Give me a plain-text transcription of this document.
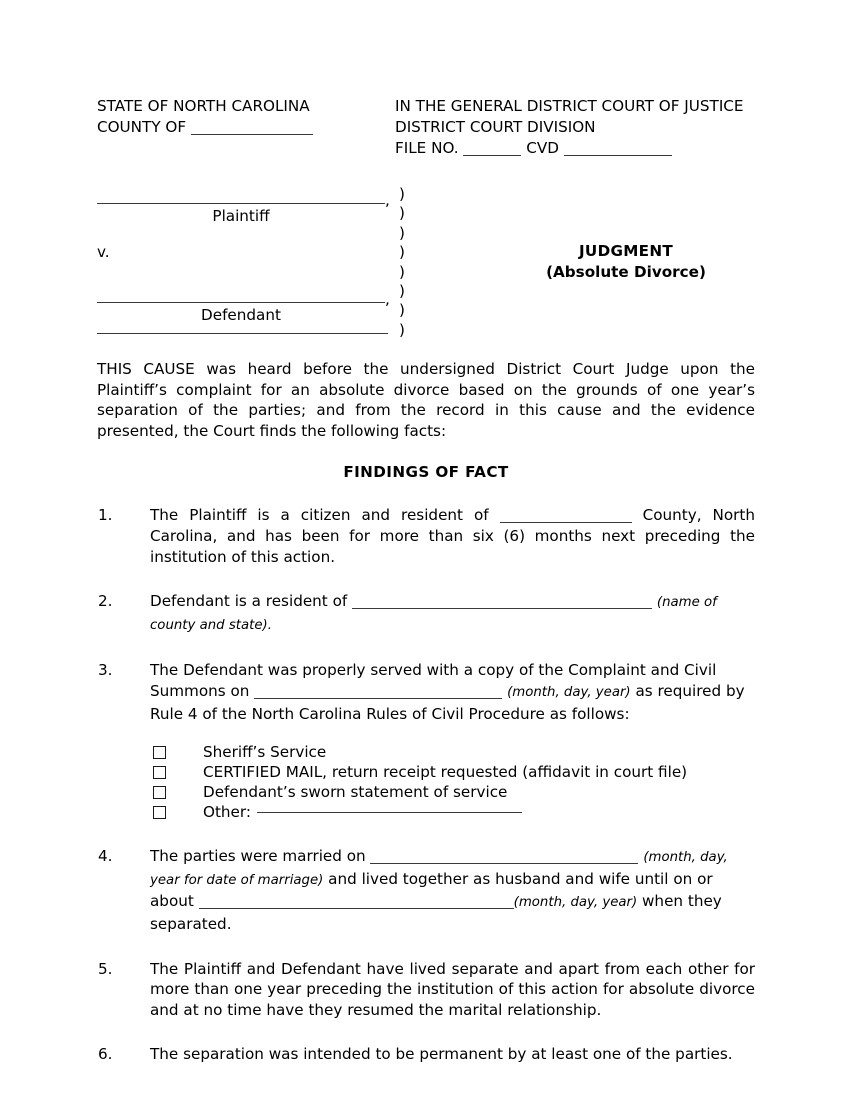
STATE OF NORTH CAROLINA
COUNTY OF
IN THE GENERAL DISTRICT COURT OF JUSTICE
DISTRICT COURT DIVISION
FILE NO.	CVD
,
Plaintiff
v.
,
Defendant
)
)
)
)
)
)
)
)
JUDGMENT
(Absolute Divorce)
THIS CAUSE was heard before the undersigned District Court Judge upon the Plaintiff’s complaint for an absolute divorce based on the grounds of one year’s separation of the parties; and from the record in this cause and the evidence presented, the Court finds the following facts:
FINDINGS OF FACT
1. The Plaintiff is a citizen and resident of	County, North Carolina, and has been for more than six (6) months next preceding the institution of this action.
2. Defendant is a resident of	(name of county and state).
3. The Defendant was properly served with a copy of the Complaint and Civil Summons on	(month, day, year) as required by Rule 4 of the North Carolina Rules of Civil Procedure as follows:
Sheriff’s Service
CERTIFIED MAIL, return receipt requested (affidavit in court file)
Defendant’s sworn statement of service
Other:
4. The parties were married on	(month, day, year for date of marriage) and lived together as husband and wife until on or about	(month, day, year) when they separated.
5. The Plaintiff and Defendant have lived separate and apart from each other for more than one year preceding the institution of this action for absolute divorce and at no time have they resumed the marital relationship.
6. The separation was intended to be permanent by at least one of the parties.
